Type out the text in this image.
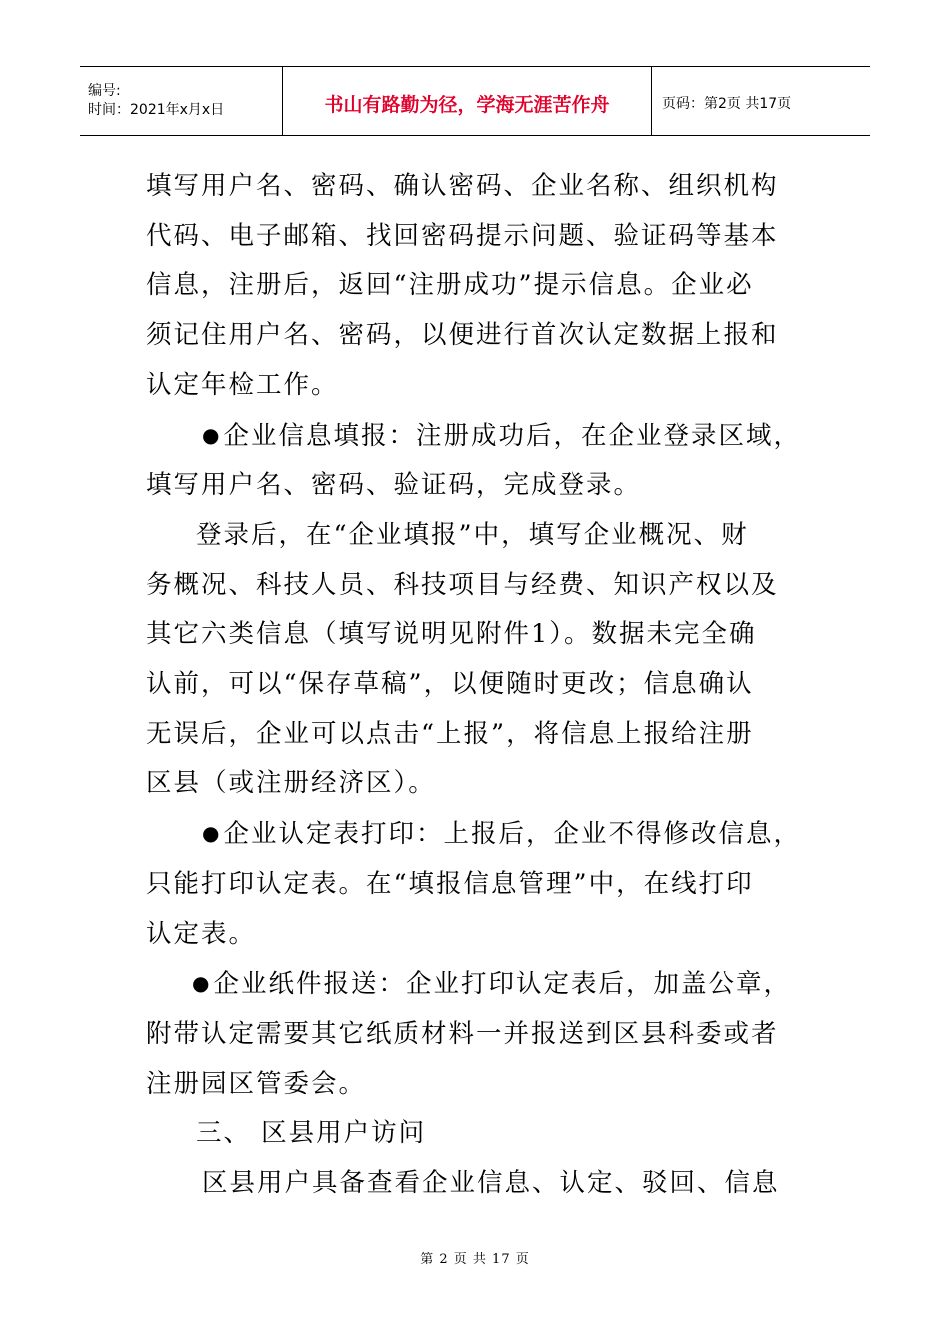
编号:
时间：2021年x月x日	书山有路勤为径，学海无涯苦作舟	页码：第2页 共17页

填写用户名、密码、确认密码、企业名称、组织机构

代码、电子邮箱、找回密码提示问题、验证码等基本

信息，注册后，返回“注册成功”提示信息。企业必

须记住用户名、密码，以便进行首次认定数据上报和

认定年检工作。

●企业信息填报：注册成功后，在企业登录区域，

填写用户名、密码、验证码，完成登录。

登录后，在“企业填报”中，填写企业概况、财

务概况、科技人员、科技项目与经费、知识产权以及

其它六类信息（填写说明见附件1）。数据未完全确

认前，可以“保存草稿”，以便随时更改；信息确认

无误后，企业可以点击“上报”，将信息上报给注册

区县（或注册经济区）。

●企业认定表打印：上报后，企业不得修改信息，

只能打印认定表。在“填报信息管理”中，在线打印

认定表。

●企业纸件报送：企业打印认定表后，加盖公章，

附带认定需要其它纸质材料一并报送到区县科委或者

注册园区管委会。

三、 区县用户访问

区县用户具备查看企业信息、认定、驳回、信息

第 2 页 共 17 页
